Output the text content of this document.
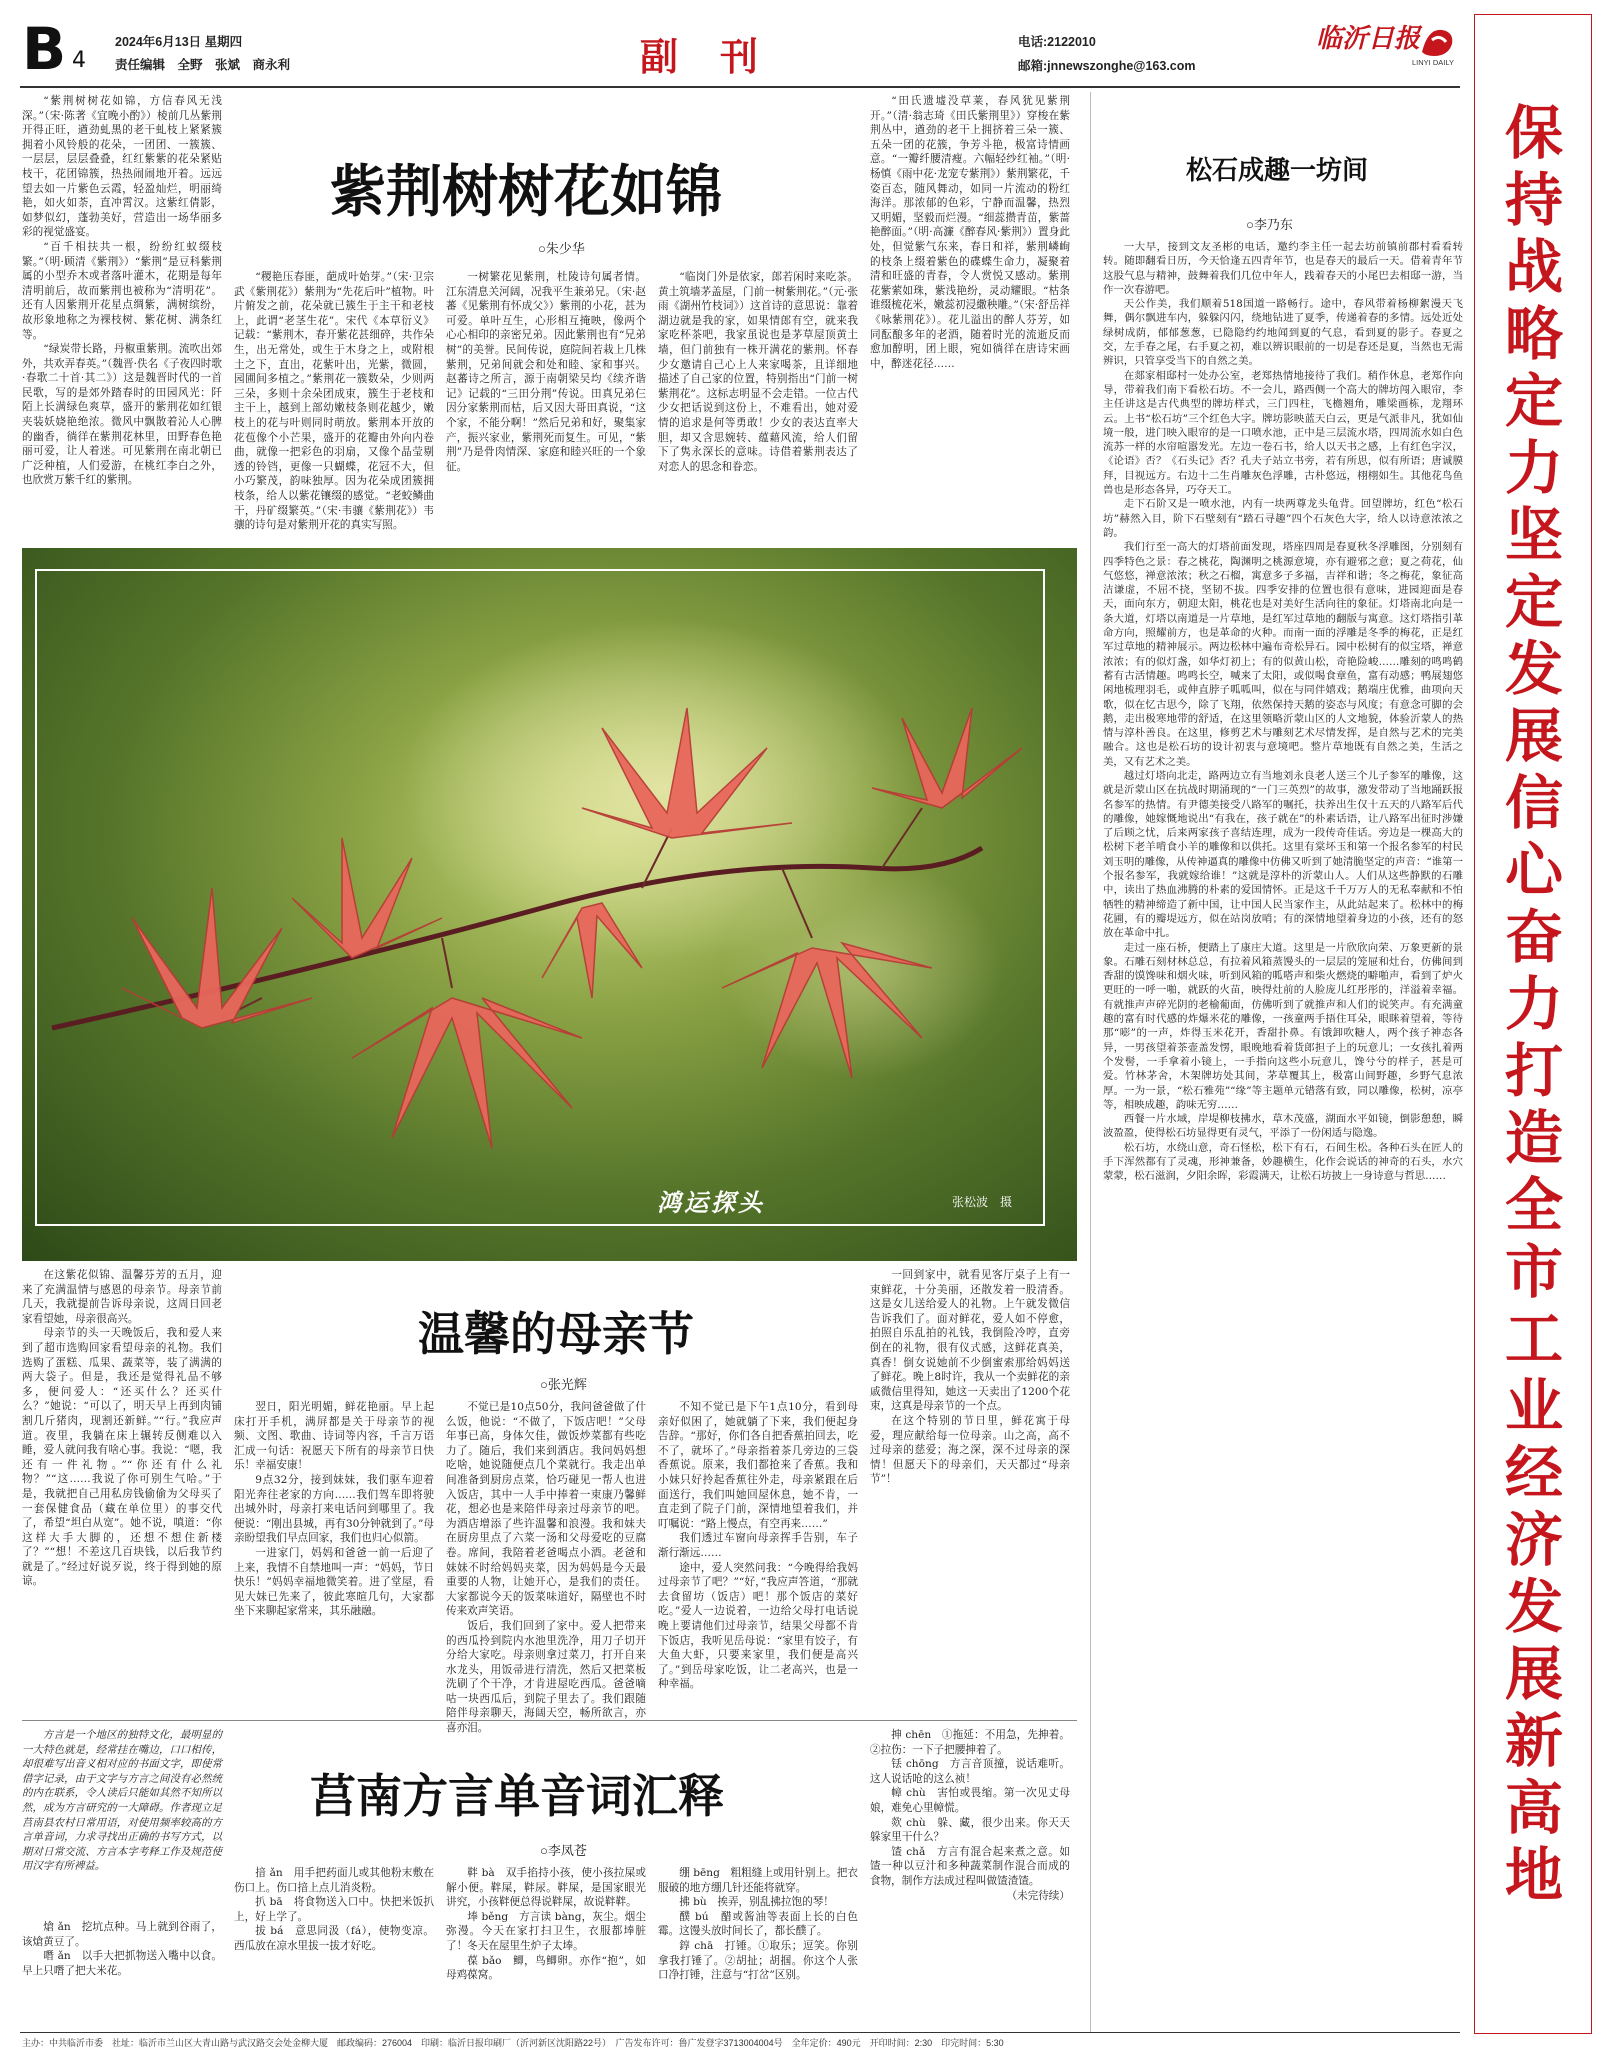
B 4
2024年6月13日 星期四
责任编辑　全野　张斌　商永利	副　刊	电话:2122010
邮箱:jnnewszonghe@163.com
临沂日报
LINYI DAILY
保持战略定力 坚定发展信心 奋力打造全市工业经济发展新高地
紫荆树树花如锦
○朱少华

“紫荆树树花如锦，方信春风无浅深。”（宋·陈著《宜晚小酌》）棱前几丛紫荆开得正旺，遒劲虬黑的老干虬枝上紧紧簇拥着小风铃般的花朵，一团团、一簇簇、一层层，层层叠叠，红红紫紫的花朵紧贴枝干，花团锦簇，热热闹闹地开着。远远望去如一片紫色云霞，轻盈灿烂，明丽绮艳，如火如荼，直冲霄汉。这紫红倩影，如梦似幻，蓬勃美好，营造出一场华丽多彩的视觉盛宴。

“百千相扶共一根，纷纷红蚁缀枝繁。”（明·顾清《紫荆》）“紫荆”是豆科紫荆属的小型乔木或者落叶灌木，花期是每年清明前后，故而紫荆也被称为“清明花”。还有人因紫荆开花星点绸紫，满树缤纷，故形象地称之为裸枝树、紫花树、满条红等。

“绿炭带长路，丹椒重紫荆。流吹出郊外，共欢弄春英。”（魏晋·佚名《子夜四时歌·春歌二十首·其二》）这是魏晋时代的一首民歌，写的是郊外踏春时的田园风光：阡陌上长满绿色爽草，盛开的紫荆花如红银夹装妖娆艳绝浓。微风中飘散着沁人心脾的幽香，徜徉在紫荆花林里，田野春色艳丽可爱，让人着迷。可见紫荆在南北朝已广泛种植，人们爱游，在桃红李白之外，也欣赏万紫千红的紫荆。

“稷艳压春匪，葩成叶始芽。”（宋·卫宗武《紫荆花》）紫荆为“先花后叶”植物。叶片俯发之前，花朵就已簇生于主干和老枝上，此谓“老茎生花”。宋代《本草衍义》记载：“紫荆木，春开紫花甚细碎，共作朵生，出无常处，或生于木身之上，或附根土之下，直出，花紫叶出，光紫，微圆，园圃间多植之。”紫荆花一簇数朵，少则两三朵，多则十余朵团成束，簇生于老枝和主干上，越到上部幼嫩枝条则花越少，嫩枝上的花与叶则同时萌放。紫荆本开放的花苞像个小芒果，盛开的花瓣由外向内卷曲，就像一把彩色的羽扇，又像个晶莹剔透的铃铛，更像一只蝴蝶，花冠不大，但小巧繁茂，韵味独厚。因为花朵成团簇拥枝条，给人以紫花镶缀的感觉。“老蛟鳞曲干，丹矿缀繁英。”（宋·韦骧《紫荆花》）韦骧的诗句是对紫荆开花的真实写照。

一树繁花见紫荆，杜陵诗句属者情。江东清息关河阔，况我平生兼弟兄。（宋·赵蕃《见紫荆有怀成父》）紫荆的小花，甚为可爱。单叶互生，心形相互掩映，像两个心心相印的亲密兄弟。因此紫荆也有“兄弟树”的美誉。民间传说，庭院间若栽上几株紫荆，兄弟间就会和处和睦、家和事兴。赵蕃诗之所言，源于南朝梁吴均《续齐谐记》记载的“三田分荆”传说。田真兄弟仨因分家紫荆而枯，后又因大哥田真说，“这个家，不能分啊！”然后兄弟和好，聚集家产，振兴家业，紫荆死而复生。可见，“紫荆”乃是骨肉情深、家庭和睦兴旺的一个象征。

“临岗门外是依家，郎若闲时来吃茶。黄土筑墙茅盖屋，门前一树紫荆花。”（元·张雨《湖州竹枝词》）这首诗的意思说：靠着湖边就是我的家，如果情郎有空，就来我家吃杯茶吧，我家虽说也是茅草屋顶黄土墙，但门前独有一株开满花的紫荆。怀春少女邀请自己心上人来家喝茶，且详细地描述了自己家的位置，特别指出“门前一树紫荆花”。这标志明显不会走错。一位古代少女把话说到这份上，不难看出，她对爱情的追求是何等勇敢！少女的表达直率大胆，却又含思婉转、蕴藉风流，给人们留下了隽永深长的意味。诗借着紫荆表达了对恋人的思念和眷恋。

“田氏遗墟没草莱，春风犹见紫荆开。”（清·翁志琦《田氏紫荆里》）穿梭在紫荆丛中，遒劲的老干上拥挤着三朵一簇、五朵一团的花簇，争芳斗艳，极富诗情画意。“一瓣纤腰清瘦。六幅轻纱红袖。”（明·杨慎《雨中花·龙宠专紫荆》）紫荆繁花，千姿百态，随风舞动，如同一片流动的粉红海洋。那浓郁的色彩，宁静而温馨，热烈又明媚，坚毅而烂漫。“细蕊攒青苗，紫蔷艳醉面。”（明·高濂《醉春风·紫荆》）置身此处，但觉紫气东来，春日和祥，紫荆嶙峋的枝条上缀着紫色的碟蝶生命力，凝聚着清和旺盛的青春，令人赏悦又感动。紫荆花紫萦如珠，紫浅艳纷，灵动耀眼。“枯条谁缀梳花米，嫩蕊初浸繖秧雕。”（宋·舒岳祥《咏紫荆花》）。花儿溢出的醉人芬芳，如同酝酿多年的老酒，随着时光的流逝反而愈加醇明，团上眼，宛如徜徉在唐诗宋画中，醉迷花径……

鸿运探头	张松波　摄
松石成趣一坊间
○李乃东

一大早，接到文友圣彬的电话，邀约李主任一起去坊前镇前郡村看看转转。随即翻看日历，今天恰逢五四青年节，也是春天的最后一天。借着青年节这股气息与精神，鼓舞着我们几位中年人，践着春天的小尾巴去相邸一游，当作一次春游吧。

天公作美，我们顺着518国道一路畅行。途中，春风带着杨柳絮漫天飞舞，偶尔飘进车内，躲躲闪闪，绕地钻进了夏季，传递着春的多情。远处近处绿树成荫，郁郁葱葱，已隐隐约约地闻到夏的气息，看到夏的影子。春夏之交，左手春之尾，右手夏之初，难以辨识眼前的一切是春还是夏，当然也无需辨识，只管享受当下的自然之美。

在郯家相邸村一处办公室，老郑热情地接待了我们。稍作休息，老郑作向导，带着我们南下看松石坊。不一会儿，路西侧一个高大的牌坊闯入眼帘，李主任讲这是古代典型的牌坊样式，三门四柱，飞檐翘角，雕梁画栋，龙翔环云。上书“松石坊”三个红色大字。牌坊影映蓝天白云，更是气派非凡，犹如仙境一般，进门映入眼帘的是一口喷水池，正中是三层流水塔，四周流水如白色流苏一样的水帘喧嚣发光。左边一卷石书，给人以天书之感，上有红色字汉，《论语》否？《石头记》否？孔夫子站立书旁，若有所思，似有所语；唐诚膜拜，目视远方。右边十二生肖雕灰色浮雕，古朴悠远，栩栩如生。其他花鸟鱼兽也是形态各异，巧夺天工。

走下石阶又是一喷水池，内有一块两尊龙头龟背。回望牌坊，红色“松石坊”赫然入目，阶下石壁刻有“踏石寻趣”四个石灰色大字，给人以诗意浓浓之韵。

我们行至一高大的灯塔前面发现，塔座四周是春夏秋冬浮雕图，分别刻有四季特色之景：春之桃花，陶渊明之桃源意境，亦有避邪之意；夏之荷花，仙气悠悠，禅意浓浓；秋之石榴，寓意多子多福，吉祥和谐；冬之梅花，象征高洁谦虚，不屈不挠，坚韧不拔。四季安排的位置也很有意味，进园迎面是春天，面向东方，朝迎太阳，桃花也是对美好生活向往的象征。灯塔南北向是一条大道，灯塔以南道是一片草地，是红军过草地的翻版与寓意。这灯塔指引革命方向，照耀前方，也是革命的火种。而南一面的浮雕是冬季的梅花，正是红军过草地的精神展示。两边松林中遍布奇松异石。园中松树有的似宝塔，禅意浓浓；有的似灯盏，如华灯初上；有的似黄山松，奇艳险峻……雕刻的鸣鸣鹤蓄有古活情趣。鸣鸣长空，喊来了太阳，或似喝食章鱼，富有动感；鸭展翅悠闲地梳理羽毛，或伸直脖子呱呱叫，似在与同伴嬉戏；鹅端庄优雅，曲项向天歌，似在忆古思今，除了飞翔，依然保持天鹅的姿态与风度；有意念可脚的会鹅，走出极寒地带的舒适，在这里领略沂蒙山区的人文地貌，体验沂蒙人的热情与淳朴善良。在这里，修剪艺术与雕刻艺术尽情发挥，是自然与艺术的完美融合。这也是松石坊的设计初衷与意境吧。整片草地既有自然之美，生活之美，又有艺术之美。

越过灯塔向北走，路两边立有当地刘永良老人送三个儿子参军的雕像，这就是沂蒙山区在抗战时期涌现的“一门三英烈”的故事，激发带动了当地踊跃报名参军的热情。有尹德美接受八路军的嘱托，扶养出生仅十五天的八路军后代的雕像，她嫁慨地说出“有我在，孩子就在”的朴素话语，让八路军出征时涉嫌了后顾之忧，后来两家孩子喜结连理，成为一段传奇佳话。旁边是一棵高大的松树下老羊啃食小羊的雕像和以供托。这里有棠坏玉和第一个报名参军的村民刘玉明的雕像，从传神逼真的雕像中仿佛又听到了她清脆坚定的声音：“谁第一个报名参军，我就嫁给谁！”这就是淳朴的沂蒙山人。人们从这些静默的石雕中，读出了热血沸腾的朴素的爱国情怀。正是这千千万万人的无私奉献和不怕牺牲的精神缔造了新中国，让中国人民当家作主，从此站起来了。松林中的梅花圃，有的瓣堤远方，似在站岗放哨；有的深情地望着身边的小孩，还有的怒放在革命中扎。

走过一座石桥，便踏上了康庄大道。这里是一片欣欣向荣、万象更新的景象。石雕石刻材林总总，有拉着风箱蒸馒头的一层层的笼屉和灶台，仿佛间到香甜的馍馋味和烟火味，听到风箱的呱嗒声和柴火燃烧的噼啪声，看到了炉火更旺的一呼一啪，就跃的火苗，映得灶前的人脸庞儿红彤彤的，洋溢着幸福。有就推声声碎光阴的老榆葡面，仿佛听到了就推声和人们的说笑声。有充满童趣的富有时代感的炸爆米花的雕像，一孩童两手捂住耳朵，眼眯着望着，等待那“嘭”的一声，炸得玉米花开，香甜扑鼻。有饿卸吹糖人，两个孩子神态各异，一男孩望着茶壶盖发愣，眼晚地看着货郎担子上的玩意儿；一女孩扎着两个发髻，一手拿着小镜上，一手指向这些小玩意儿，馋兮兮的样子，甚是可爱。竹林茅舍，木架牌坊处其间，茅草覆其上，极富山间野趣，乡野气息浓厚。一为一景，“松石雅苑”“缘”等主题单元错落有致，同以雕像，松树，凉亭等，相映成趣，韵味无穷……

西餐一片水域，岸堤柳枝拂水，草木茂盛，湖面水平如镜，倒影憩憩，瞬波盈盈，使得松石坊显得更有灵气，平添了一份闲适与隐逸。

松石坊，水绕山意，奇石怪松，松下有石，石间生松。各种石头在匠人的手下浑然都有了灵魂，形神兼备，妙趣横生，化作会说话的神奇的石头，水穴蒙蒙，松石滋润，夕阳余晖，彩霞满天，让松石坊披上一身诗意与哲思……

温馨的母亲节
○张光辉

在这紫花似锦、温馨芬芳的五月，迎来了充满温情与感恩的母亲节。母亲节前几天，我就提前告诉母亲说，这周日回老家看望她，母亲很高兴。

母亲节的头一天晚饭后，我和爱人来到了超市选购回家看望母亲的礼物。我们选购了蛋糕、瓜果、蔬菜等，装了满满的两大袋子。但是，我还是觉得礼品不够多，便问爱人：“还买什么？还买什么？”她说：“可以了，明天早上再到肉铺割几斤猪肉，现割还新鲜。”“行。”我应声道。夜里，我躺在床上辗转反侧难以入睡，爱人就问我有啥心事。我说：“嗯，我还有一件礼物。”“你还有什么礼物？”“这……我说了你可别生气哈。”于是，我就把自己用私房钱偷偷为父母买了一套保健食品（藏在单位里）的事交代了，希望“坦白从宽”。她不说，嗔道：“你这样大手大脚的，还想不想住新楼了？”“想！不差这几百块钱，以后我节约就是了。”经过好说歹说，终于得到她的原谅。

翌日，阳光明媚，鲜花艳丽。早上起床打开手机，满屏都是关于母亲节的视频、文图、歌曲、诗词等内容，千言万语汇成一句话：祝愿天下所有的母亲节日快乐！幸福安康！

9点32分，接到妹妹，我们驱车迎着阳光奔往老家的方向……我们驾车即将驶出城外时，母亲打来电话问到哪里了。我便说：“刚出县城，再有30分钟就到了。”母亲盼望我们早点回家，我们也归心似箭。

一进家门，妈妈和爸爸一前一后迎了上来，我情不自禁地叫一声：“妈妈，节日快乐！”妈妈幸福地微笑着。进了堂屋，看见大妹已先来了，彼此寒暄几句，大家都坐下来聊起家常来，其乐融融。

不觉已是10点50分，我问爸爸做了什么饭，他说：“不做了，下饭店吧！”父母年事已高，身体欠佳，做饭炒菜都有些吃力了。随后，我们来到酒店。我问妈妈想吃啥，她说随便点几个菜就行。我走出单间准备到厨房点菜，恰巧碰见一帮人也进入饭店，其中一人手中捧着一束康乃馨鲜花，想必也是来陪伴母亲过母亲节的吧。为酒店增添了些许温馨和浪漫。我和妹夫在厨房里点了六菜一汤和父母爱吃的豆腐卷。席间，我陪着老爸喝点小酒。老爸和妹妹不时给妈妈夹菜，因为妈妈是今天最重要的人物，让她开心，是我们的责任。大家都说今天的饭菜味道好，隔壁也不时传来欢声笑语。

饭后，我们回到了家中。爱人把带来的西瓜拎到院内水池里洗净，用刀子切开分给大家吃。母亲则拿过菜刀，打开自来水龙头，用饭帚进行清洗，然后又把菜板洗刷了个干净，才肯进屋吃西瓜。爸爸嘀咕一块西瓜后，到院子里去了。我们跟随陪伴母亲聊天，海阔天空，畅所欲言，亦喜亦泪。

不知不觉已是下午1点10分，看到母亲好似困了，她就躺了下来，我们便起身告辞。“那好，你们各自把香蕉拍回去，吃不了，就坏了。”母亲指着茶几旁边的三袋香蕉说。原来，我们都抢来了香蕉。我和小妹只好拎起香蕉往外走，母亲紧跟在后面送行，我们叫她回屋休息，她不肯，一直走到了院子门前，深情地望着我们，并叮嘱说：“路上慢点，有空再来……”

我们透过车窗向母亲挥手告别，车子渐行渐远……

途中，爱人突然问我：“今晚得给我妈过母亲节了吧？”“好，”我应声答道，“那就去食留坊（饭店）吧！那个饭店的菜好吃。”爱人一边说着，一边给父母打电话说晚上要请他们过母亲节，结果父母都不肯下饭店，我听见岳母说：“家里有饺子，有大鱼大虾，只要来家里，我们便是高兴了。”到岳母家吃饭，让二老高兴，也是一种幸福。

一回到家中，就看见客厅桌子上有一束鲜花，十分美丽，还散发着一股清香。这是女儿送给爱人的礼物。上午就发微信告诉我们了。面对鲜花，爱人如不停愈，拍照自乐乱拍的礼钱，我倒险冷哼，直旁倒在的礼物，很有仪式感，这鲜花真美，真香！倒女说她前不少倒蜜索那给妈妈送了鲜花。晚上8时许，我从一个卖鲜花的亲戚微信里得知，她这一天卖出了1200个花束，这真是母亲节的一个点。

在这个特别的节日里，鲜花寓于母爱，理应献给每一位母亲。山之高，高不过母亲的慈爱；海之深，深不过母亲的深情！但愿天下的母亲们，天天都过“母亲节”！

方言是一个地区的独特文化，最明显的一大特色就是，经常挂在嘴边，口口相传，却很难写出音义相对应的书面文字，即使常借字记录，由于文字与方言之间没有必然统的内在联系，令人读后只能如其然不知所以然，成为方言研究的一大障碍。作者现立足莒南县农村日常用语，对使用频率较高的方言单音词，力求寻找出正确的书写方式，以期对日常交流、方言本字考释工作及规范使用汉字有所裨益。

莒南方言单音词汇释
○李凤苍

熗 ǎn　挖坑点种。马上就到谷雨了，该熗黄豆了。

噆 ǎn　以手大把抓物送入嘴中以食。早上只噆了把大米花。

揞 ǎn　用手把药面儿或其他粉末敷在伤口上。伤口揞上点儿消炎粉。

扒 bā　将食物送入口中。快把米饭扒上，好上学了。

拔 bá　意思同汲（fá），使物变凉。西瓜放在凉水里拔一拔才好吃。

靽 bà　双手掐持小孩，使小孩拉屎或解小便。靽屎，靽尿。靽屎，是国家眼光讲究，小孩靽便总得说靽屎，故说靽靽。

埲 běng　方言读 bàng，灰尘。烟尘弥漫。今天在家打扫卫生，衣服都埲脏了！冬天在屋里生炉子太埲。

葆 bǎo　鲫，鸟鲫卵。亦作“抱”，如母鸡葆窝。

绷 bēng　粗粗缝上或用针别上。把衣服破的地方绷几针还能将就穿。

拂 bù　挨弄，别乱拂拉饱的琴！

醭 bú　醋或酱油等表面上长的白色霉。这馒头放时间长了，都长醭了。

錞 chā　打锤。①取乐；逗笑。你别拿我打锤了。②胡扯；胡掴。你这个人张口净打锤，注意与“打岔”区别。

抻 chēn　①拖延：不用急，先抻着。②拉伤：一下子把腰抻着了。

铥 chōng　方言音顶撞，说话难听。这人说话呛的这么祯！

幛 chù　害怕或畏缩。第一次见丈母娘，难免心里幛慌。

欻 chù　躲、藏，很少出来。你天天躲家里干什么？

馇 chǎ　方言有混合起来煮之意。如馇一种以豆汁和多种蔬菜制作混合而成的食物，制作方法成过程叫做馇渣馇。

（未完待续）

主办：中共临沂市委　社址：临沂市兰山区大青山路与武汉路交会处金柳大厦　邮政编码：276004　印刷：临沂日报印刷厂（沂河新区沈阳路22号）　广告发布许可：鲁广发登字3713004004号　全年定价：490元　开印时间：2:30　印完时间：5:30
